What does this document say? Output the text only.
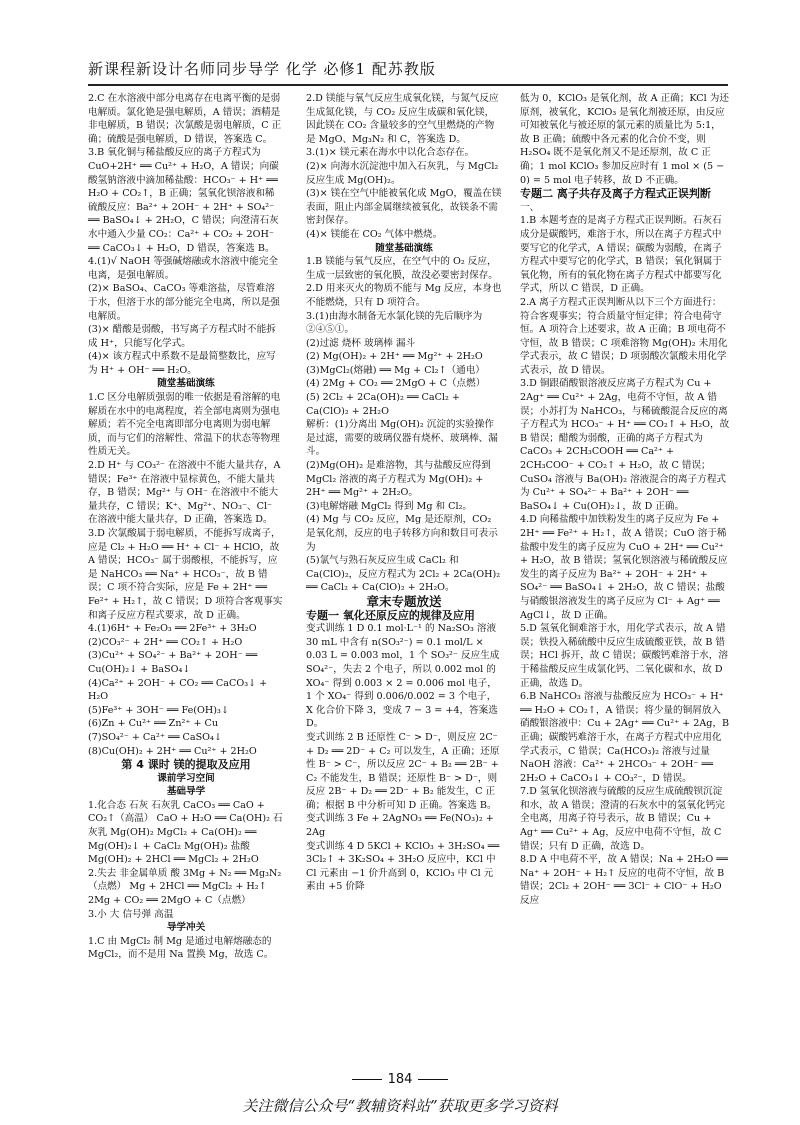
新课程新设计名师同步导学 化学 必修1 配苏教版

2.C 在水溶液中部分电离存在电离平衡的是弱电解质。氯化铯是强电解质，A 错误；酒精是非电解质，B 错误；次氯酸是弱电解质，C 正确；硫酸是强电解质，D 错误，答案选 C。

3.B 氧化铜与稀盐酸反应的离子方程式为 CuO+2H⁺ ══ Cu²⁺ + H₂O，A 错误；向碳酸氢钠溶液中滴加稀盐酸：HCO₃⁻ + H⁺ ══ H₂O + CO₂↑，B 正确；氢氧化钡溶液和稀硫酸反应：Ba²⁺ + 2OH⁻ + 2H⁺ + SO₄²⁻ ══ BaSO₄↓ + 2H₂O，C 错误；向澄清石灰水中通入少量 CO₂：Ca²⁺ + CO₂ + 2OH⁻ ══ CaCO₃↓ + H₂O，D 错误，答案选 B。

4.(1)√ NaOH 等强碱熔融或水溶液中能完全电离，是强电解质。

(2)× BaSO₄、CaCO₃ 等难溶盐，尽管难溶于水，但溶于水的部分能完全电离，所以是强电解质。

(3)× 醋酸是弱酸，书写离子方程式时不能拆成 H⁺，只能写化学式。

(4)× 该方程式中系数不是最简整数比，应写为 H⁺ + OH⁻ ══ H₂O。

随堂基础演练

1.C 区分电解质强弱的唯一依据是看溶解的电解质在水中的电离程度，若全部电离则为强电解质；若不完全电离即部分电离则为弱电解质，而与它们的溶解性、常温下的状态等物理性质无关。

2.D H⁺ 与 CO₃²⁻ 在溶液中不能大量共存，A 错误；Fe³⁺ 在溶液中显棕黄色，不能大量共存，B 错误；Mg²⁺ 与 OH⁻ 在溶液中不能大量共存，C 错误；K⁺、Mg²⁺、NO₃⁻、Cl⁻ 在溶液中能大量共存，D 正确，答案选 D。

3.D 次氯酸属于弱电解质，不能拆写成离子，应是 Cl₂ + H₂O ══ H⁺ + Cl⁻ + HClO，故 A 错误；HCO₃⁻ 属于弱酸根，不能拆写，应是 NaHCO₃ ══ Na⁺ + HCO₃⁻，故 B 错误；C 项不符合实际，应是 Fe + 2H⁺ ══ Fe²⁺ + H₂↑，故 C 错误；D 项符合客观事实和离子反应方程式要求，故 D 正确。

4.(1)6H⁺ + Fe₂O₃ ══ 2Fe³⁺ + 3H₂O

(2)CO₃²⁻ + 2H⁺ ══ CO₂↑ + H₂O

(3)Cu²⁺ + SO₄²⁻ + Ba²⁺ + 2OH⁻ ══ Cu(OH)₂↓ + BaSO₄↓

(4)Ca²⁺ + 2OH⁻ + CO₂ ══ CaCO₃↓ + H₂O

(5)Fe³⁺ + 3OH⁻ ══ Fe(OH)₃↓

(6)Zn + Cu²⁺ ══ Zn²⁺ + Cu

(7)SO₄²⁻ + Ca²⁺ ══ CaSO₄↓

(8)Cu(OH)₂ + 2H⁺ ══ Cu²⁺ + 2H₂O

第 4 课时 镁的提取及应用

课前学习空间

基础导学

1.化合态 石灰 石灰乳 CaCO₃ ══ CaO + CO₂↑（高温） CaO + H₂O ══ Ca(OH)₂ 石灰乳 Mg(OH)₂ MgCl₂ + Ca(OH)₂ ══ Mg(OH)₂↓ + CaCl₂ Mg(OH)₂ 盐酸 Mg(OH)₂ + 2HCl ══ MgCl₂ + 2H₂O

2.失去 非金属单质 酸 3Mg + N₂ ══ Mg₃N₂（点燃） Mg + 2HCl ══ MgCl₂ + H₂↑ 2Mg + CO₂ ══ 2MgO + C（点燃）

3.小 大 信号弹 高温

导学冲关

1.C 由 MgCl₂ 制 Mg 是通过电解熔融态的 MgCl₂，而不是用 Na 置换 Mg，故选 C。

2.D 镁能与氧气反应生成氧化镁，与氮气反应生成氮化镁，与 CO₂ 反应生成碳和氧化镁，因此镁在 CO₂ 含量较多的空气里燃烧的产物是 MgO、Mg₃N₂ 和 C，答案选 D。

3.(1)× 镁元素在海水中以化合态存在。

(2)× 向海水沉淀池中加入石灰乳，与 MgCl₂ 反应生成 Mg(OH)₂。

(3)× 镁在空气中能被氧化成 MgO，覆盖在镁表面，阻止内部金属继续被氧化，故镁条不需密封保存。

(4)× 镁能在 CO₂ 气体中燃烧。

随堂基础演练

1.B 镁能与氧气反应，在空气中的 O₂ 反应，生成一层致密的氧化膜，故没必要密封保存。

2.D 用来灭火的物质不能与 Mg 反应，本身也不能燃烧，只有 D 项符合。

3.(1)由海水制备无水氯化镁的先后顺序为②④⑤①。

(2)过滤 烧杯 玻璃棒 漏斗

(2) Mg(OH)₂ + 2H⁺ ══ Mg²⁺ + 2H₂O

(3)MgCl₂(熔融) ══ Mg + Cl₂↑（通电）

(4) 2Mg + CO₂ ══ 2MgO + C（点燃）

(5) 2Cl₂ + 2Ca(OH)₂ ══ CaCl₂ + Ca(ClO)₂ + 2H₂O

解析：(1)分离出 Mg(OH)₂ 沉淀的实验操作是过滤，需要的玻璃仪器有烧杯、玻璃棒、漏斗。

(2)Mg(OH)₂ 是难溶物，其与盐酸反应得到 MgCl₂ 溶液的离子方程式为 Mg(OH)₂ + 2H⁺ ══ Mg²⁺ + 2H₂O。

(3)电解熔融 MgCl₂ 得到 Mg 和 Cl₂。

(4) Mg 与 CO₂ 反应，Mg 是还原剂，CO₂ 是氧化剂，反应的电子转移方向和数目可表示为

(5)氯气与熟石灰反应生成 CaCl₂ 和 Ca(ClO)₂，反应方程式为 2Cl₂ + 2Ca(OH)₂ ══ CaCl₂ + Ca(ClO)₂ + 2H₂O。

章末专题放送

专题一 氧化还原反应的规律及应用

变式训练 1 D 0.1 mol·L⁻¹ 的 Na₂SO₃ 溶液 30 mL 中含有 n(SO₃²⁻) = 0.1 mol/L × 0.03 L = 0.003 mol，1 个 SO₃²⁻ 反应生成 SO₄²⁻，失去 2 个电子，所以 0.002 mol 的 XO₄⁻ 得到 0.003 × 2 = 0.006 mol 电子，1 个 XO₄⁻ 得到 0.006/0.002 = 3 个电子，X 化合价下降 3，变成 7 − 3 = +4，答案选 D。

变式训练 2 B 还原性 C⁻ > D⁻，则反应 2C⁻ + D₂ ══ 2D⁻ + C₂ 可以发生，A 正确；还原性 B⁻ > C⁻，所以反应 2C⁻ + B₂ ══ 2B⁻ + C₂ 不能发生，B 错误；还原性 B⁻ > D⁻，则反应 2B⁻ + D₂ ══ 2D⁻ + B₂ 能发生，C 正确；根据 B 中分析可知 D 正确。答案选 B。

变式训练 3 Fe + 2AgNO₃ ══ Fe(NO₃)₂ + 2Ag

变式训练 4 D 5KCl + KClO₃ + 3H₂SO₄ ══ 3Cl₂↑ + 3K₂SO₄ + 3H₂O 反应中，KCl 中 Cl 元素由 −1 价升高到 0，KClO₃ 中 Cl 元素由 +5 价降

低为 0，KClO₃ 是氧化剂，故 A 正确；KCl 为还原剂，被氧化，KClO₃ 是氧化剂被还原，由反应可知被氧化与被还原的氯元素的质量比为 5:1，故 B 正确；硫酸中各元素的化合价不变，则 H₂SO₄ 既不是氧化剂又不是还原剂，故 C 正确；1 mol KClO₃ 参加反应时有 1 mol × (5 − 0) = 5 mol 电子转移，故 D 不正确。

专题二 离子共存及离子方程式正误判断

一、

1.B 本题考查的是离子方程式正误判断。石灰石成分是碳酸钙，难溶于水，所以在离子方程式中要写它的化学式，A 错误；碳酸为弱酸，在离子方程式中要写它的化学式，B 错误；氧化铜属于氧化物，所有的氧化物在离子方程式中都要写化学式，所以 C 错误，D 正确。

2.A 离子方程式正误判断从以下三个方面进行：符合客观事实；符合质量守恒定律；符合电荷守恒。A 项符合上述要求，故 A 正确；B 项电荷不守恒，故 B 错误；C 项难溶物 Mg(OH)₂ 未用化学式表示，故 C 错误；D 项弱酸次氯酸未用化学式表示，故 D 错误。

3.D 铜跟硝酸银溶液反应离子方程式为 Cu + 2Ag⁺ ══ Cu²⁺ + 2Ag，电荷不守恒，故 A 错误；小苏打为 NaHCO₃，与稀硫酸混合反应的离子方程式为 HCO₃⁻ + H⁺ ══ CO₂↑ + H₂O，故 B 错误；醋酸为弱酸，正确的离子方程式为 CaCO₃ + 2CH₃COOH ══ Ca²⁺ + 2CH₃COO⁻ + CO₂↑ + H₂O，故 C 错误；CuSO₄ 溶液与 Ba(OH)₂ 溶液混合的离子方程式为 Cu²⁺ + SO₄²⁻ + Ba²⁺ + 2OH⁻ ══ BaSO₄↓ + Cu(OH)₂↓，故 D 正确。

4.D 向稀盐酸中加铁粉发生的离子反应为 Fe + 2H⁺ ══ Fe²⁺ + H₂↑，故 A 错误；CuO 溶于稀盐酸中发生的离子反应为 CuO + 2H⁺ ══ Cu²⁺ + H₂O，故 B 错误；氢氧化钡溶液与稀硫酸反应发生的离子反应为 Ba²⁺ + 2OH⁻ + 2H⁺ + SO₄²⁻ ══ BaSO₄↓ + 2H₂O，故 C 错误；盐酸与硝酸银溶液发生的离子反应为 Cl⁻ + Ag⁺ ══ AgCl↓，故 D 正确。

5.D 氢氧化铜难溶于水，用化学式表示，故 A 错误；铁投入稀硫酸中反应生成硫酸亚铁，故 B 错误；HCl 拆开，故 C 错误；碳酸钙难溶于水，溶于稀盐酸反应生成氯化钙、二氧化碳和水，故 D 正确，故选 D。

6.B NaHCO₃ 溶液与盐酸反应为 HCO₃⁻ + H⁺ ══ H₂O + CO₂↑，A 错误；将少量的铜屑放入硝酸银溶液中：Cu + 2Ag⁺ ══ Cu²⁺ + 2Ag，B 正确；碳酸钙难溶于水，在离子方程式中应用化学式表示，C 错误；Ca(HCO₃)₂ 溶液与过量 NaOH 溶液：Ca²⁺ + 2HCO₃⁻ + 2OH⁻ ══ 2H₂O + CaCO₃↓ + CO₃²⁻，D 错误。

7.D 氢氧化钡溶液与硫酸的反应生成硫酸钡沉淀和水，故 A 错误；澄清的石灰水中的氢氧化钙完全电离，用离子符号表示，故 B 错误；Cu + Ag⁺ ══ Cu²⁺ + Ag，反应中电荷不守恒，故 C 错误；只有 D 正确，故选 D。

8.D A 中电荷不平，故 A 错误；Na + 2H₂O ══ Na⁺ + 2OH⁻ + H₂↑ 反应的电荷不守恒，故 B 错误；2Cl₂ + 2OH⁻ ══ 3Cl⁻ + ClO⁻ + H₂O 反应

184
关注微信公众号“教辅资料站”获取更多学习资料
